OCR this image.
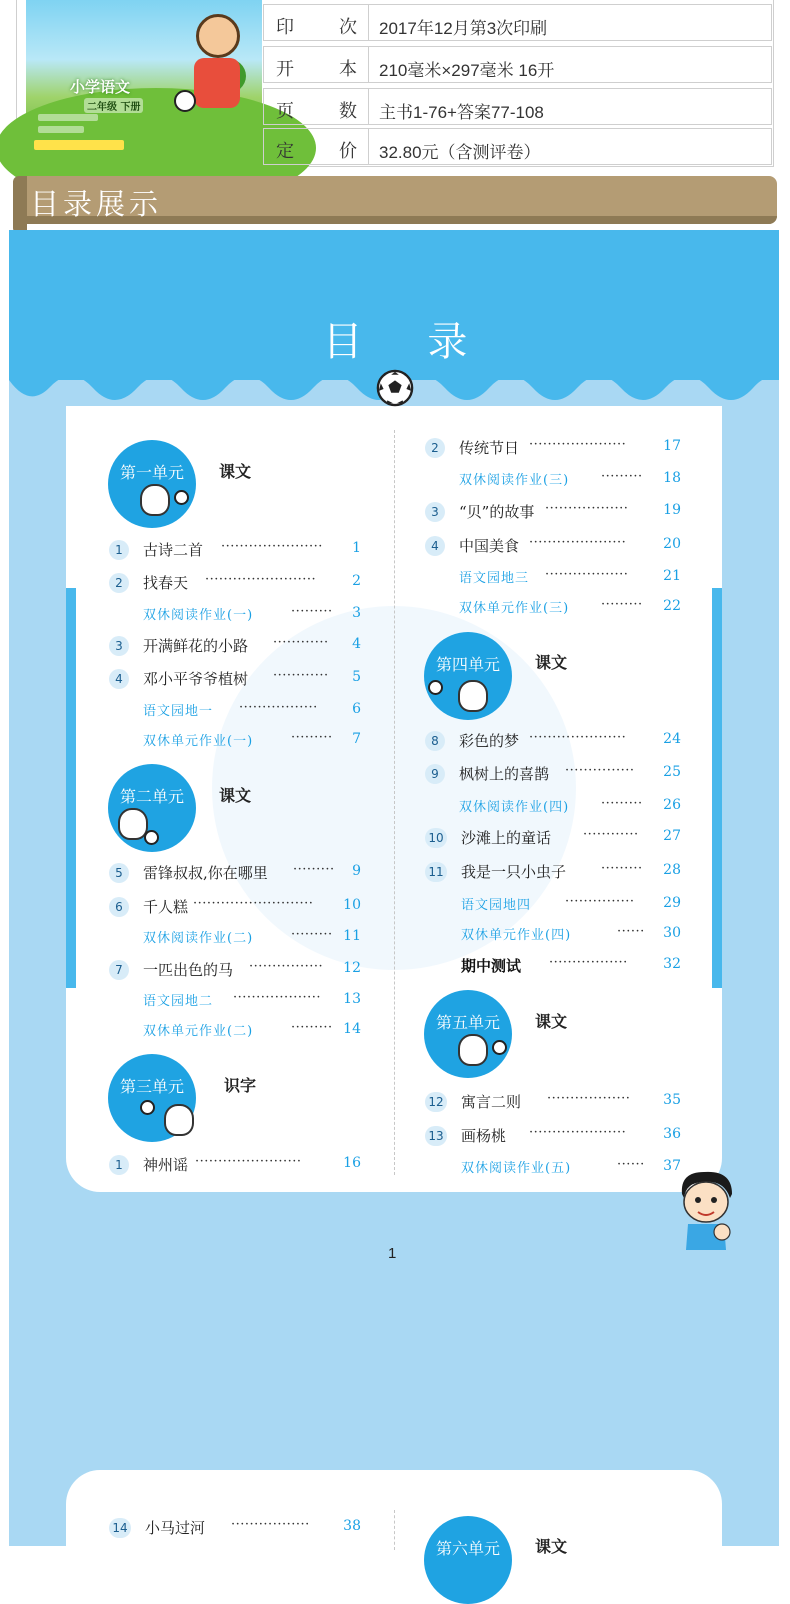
小学语文
二年级 下册
印	次 2017年12月第3次印刷
开	本 210毫米×297毫米 16开
页	数 主书1-76+答案77-108
定	价 32.80元（含测评卷）
目录展示
目 录
第一单元	课文
第二单元	课文
第三单元	识字
第四单元	课文
第五单元	课文
1	古诗二首 ······················	1
2	找春天 ························	2
双休阅读作业(一)	·········	3
3	开满鲜花的小路 ············	4
4	邓小平爷爷植树 ············	5
语文园地一 ·················	6
双休单元作业(一)	·········	7
5	雷锋叔叔,你在哪里 ·········	9
6	千人糕 ··························	10
双休阅读作业(二)	········· 11
7	一匹出色的马 ················	12
语文园地二 ···················	13
双休单元作业(二)	········· 14
1	神州谣 ·······················	16
2	传统节日 ·····················	17
双休阅读作业(三) ·········	18
3	“贝”的故事 ··················	19
4	中国美食 ·····················	20
语文园地三 ··················	21
双休单元作业(三) ·········	22
8	彩色的梦 ·····················	24
9	枫树上的喜鹊 ···············	25
双休阅读作业(四) ·········	26
10 沙滩上的童话 ············	27
11 我是一只小虫子	·········	28
语文园地四	···············	29
双休单元作业(四)	······	30
期中测试 ·················	32
12 寓言二则 ··················	35
13 画杨桃 ·····················	36
双休阅读作业(五)	······	37
1
14 小马过河 ·················	38
第六单元	课文
